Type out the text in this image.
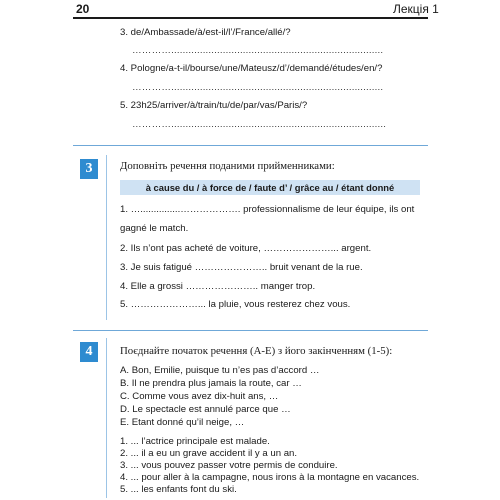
20	Лекція 1
3. de/Ambassade/à/est-il/l’/France/allé/?
…………..........................................................................
4. Pologne/a-t-il/bourse/une/Mateusz/d’/demandé/études/en/?
…………..........................................................................
5. 23h25/arriver/à/train/tu/de/par/vas/Paris/?
…………...........................................................................
3	Доповніть речення поданими прийменниками:
à cause du / à force de / faute d’ / grâce au / étant donné
1. …...............………………. professionnalisme de leur équipe, ils ont
gagné le match.
2. Ils n’ont pas acheté de voiture, …………………... argent.
3. Je suis fatigué ………………….. bruit venant de la rue.
4. Elle a grossi ………………….. manger trop.
5. …………………... la pluie, vous resterez chez vous.
4	Поєднайте початок речення (A-E) з його закінченням (1-5):
A. Bon, Emilie, puisque tu n’es pas d’accord …
B. Il ne prendra plus jamais la route, car …
C. Comme vous avez dix-huit ans, …
D. Le spectacle est annulé parce que …
E. Etant donné qu’il neige, …
1. ... l’actrice principale est malade.
2. ... il a eu un grave accident il y a un an.
3. ... vous pouvez passer votre permis de conduire.
4. ... pour aller à la campagne, nous irons à la montagne en vacances.
5. ... les enfants font du ski.
